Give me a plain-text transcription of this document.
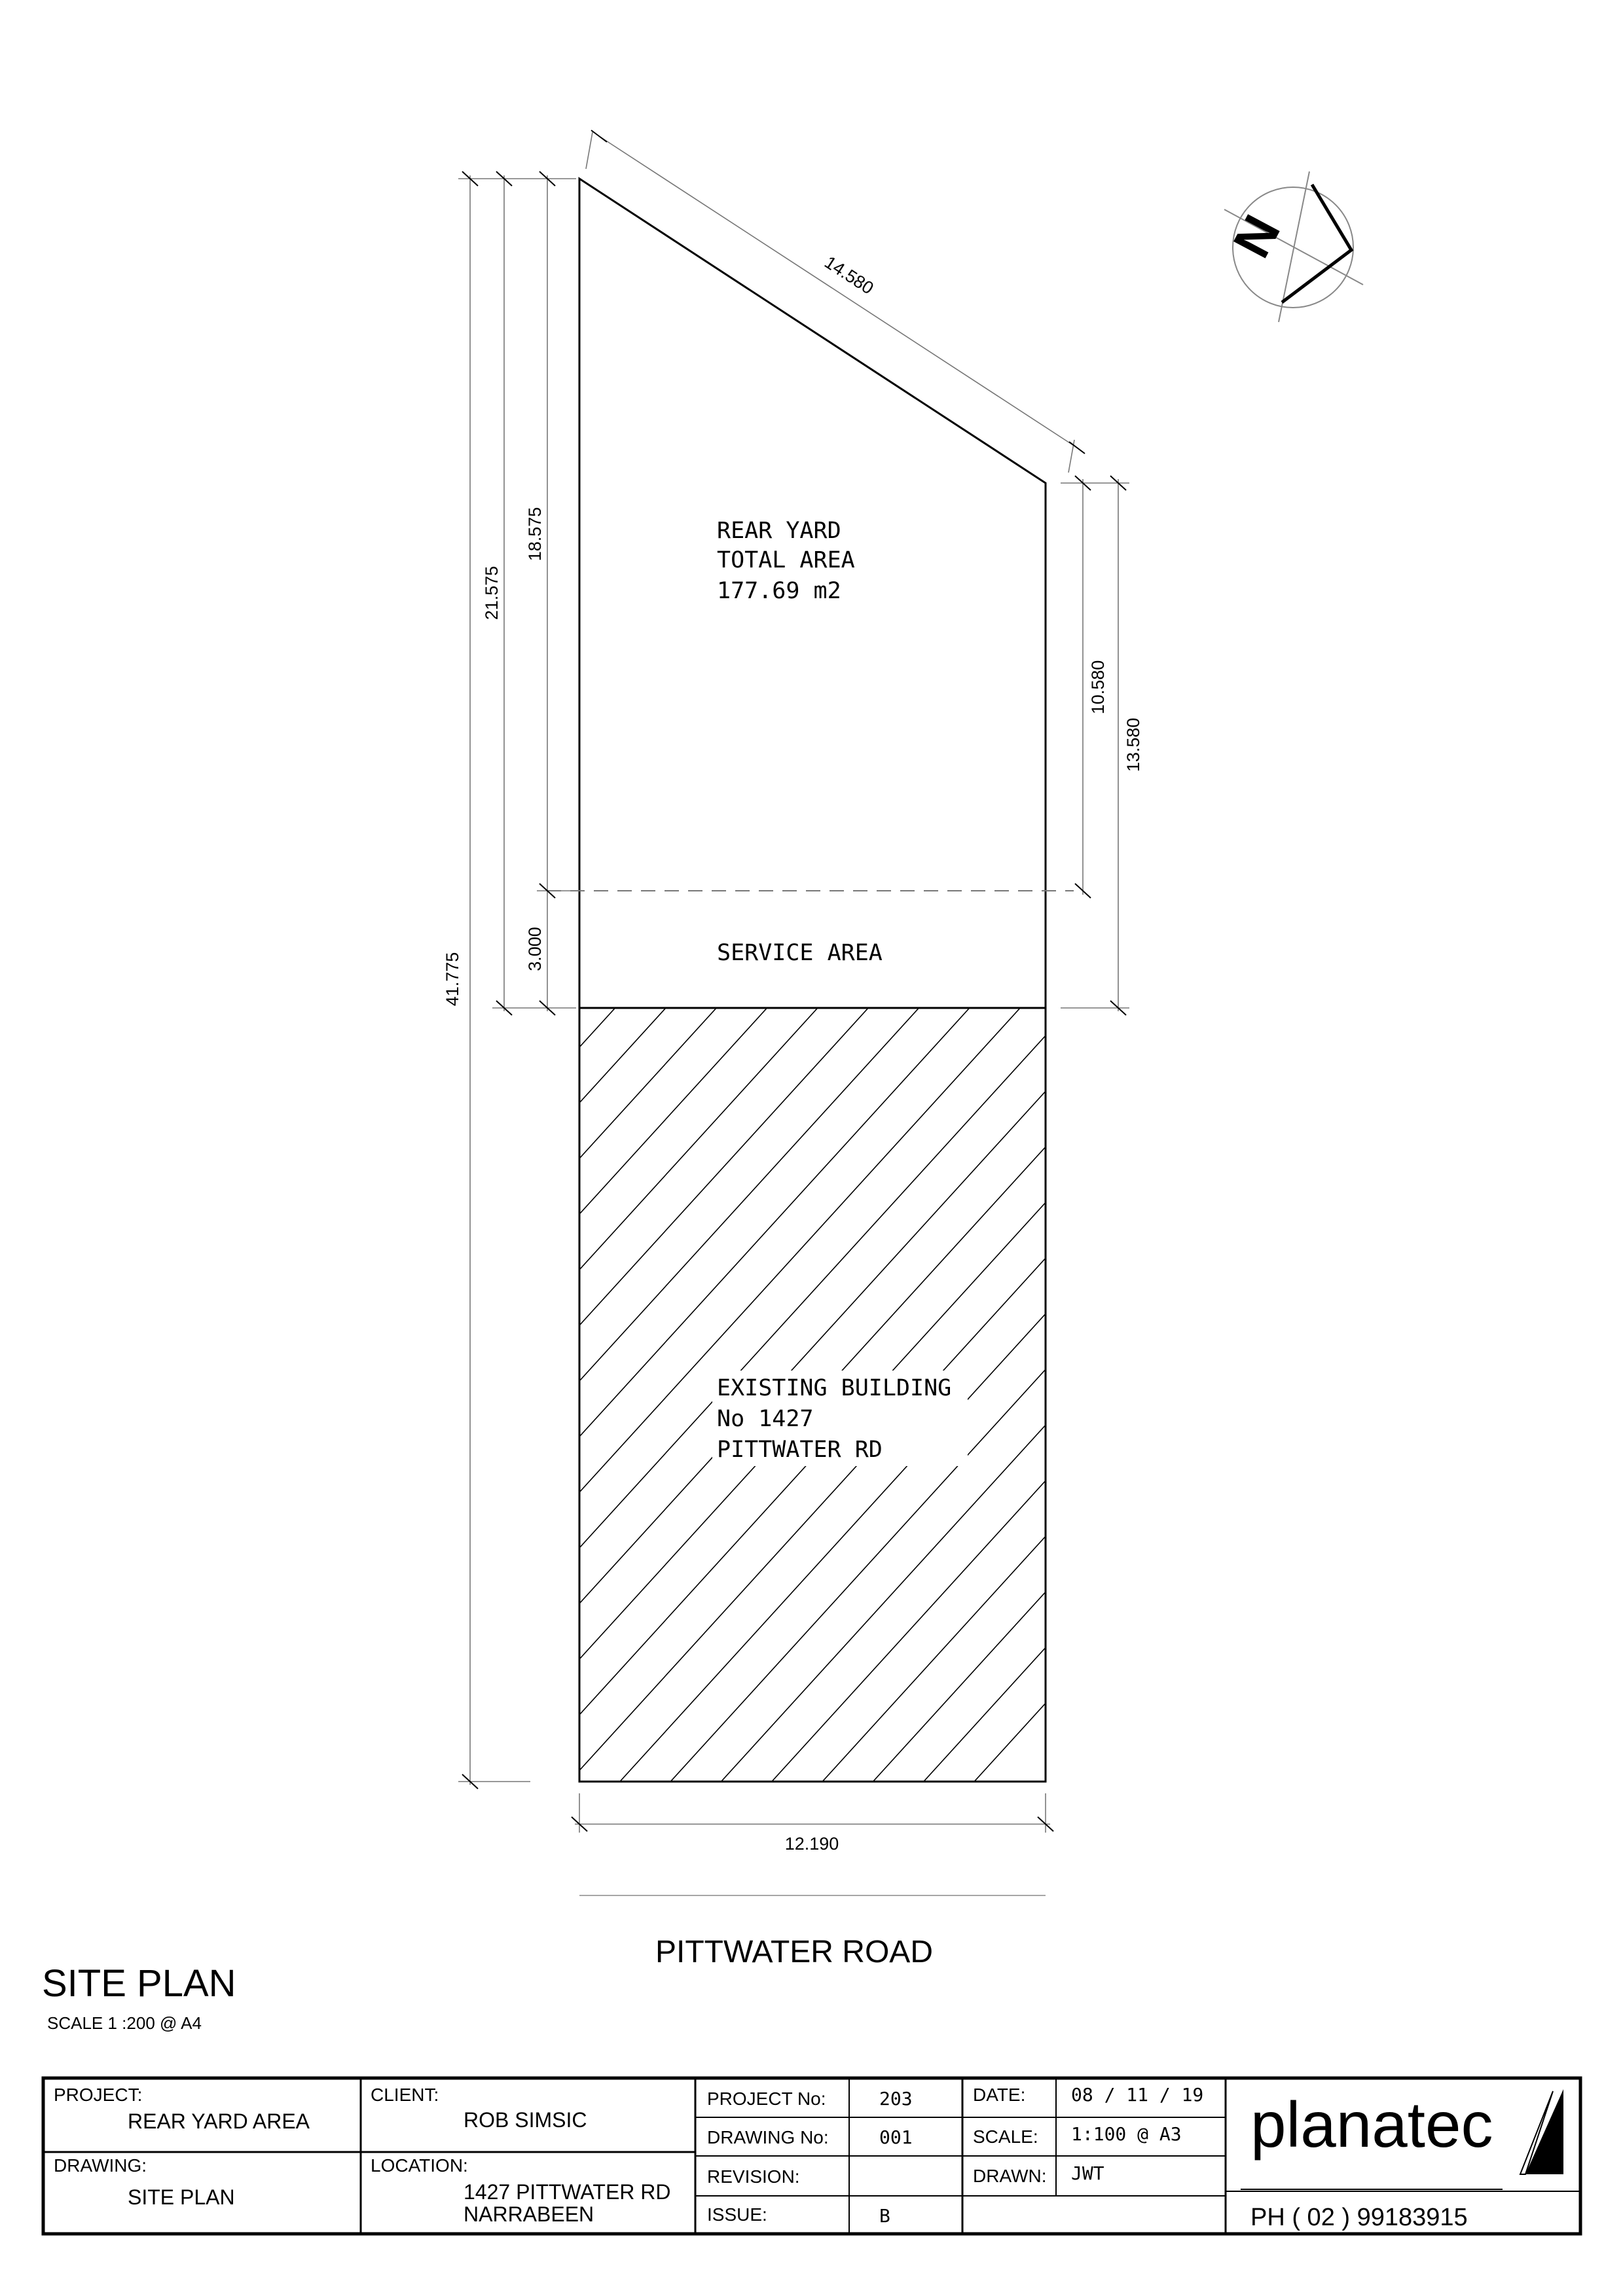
REAR YARD
TOTAL AREA
177.69 m2
SERVICE AREA
EXISTING BUILDING
No 1427
PITTWATER RD
14.580
41.775
21.575
18.575
3.000
10.580
13.580
12.190
PITTWATER ROAD
N
SITE PLAN
SCALE 1 :200 @ A4
PROJECT:
REAR YARD AREA
DRAWING:
SITE PLAN
CLIENT:
ROB SIMSIC
LOCATION:
1427 PITTWATER RD
NARRABEEN
PROJECT No:	203
DRAWING No:	001
REVISION:
ISSUE:	B
DATE: 08 / 11 / 19
SCALE: 1:100 @ A3
DRAWN: JWT
planatec
PH ( 02 ) 99183915
